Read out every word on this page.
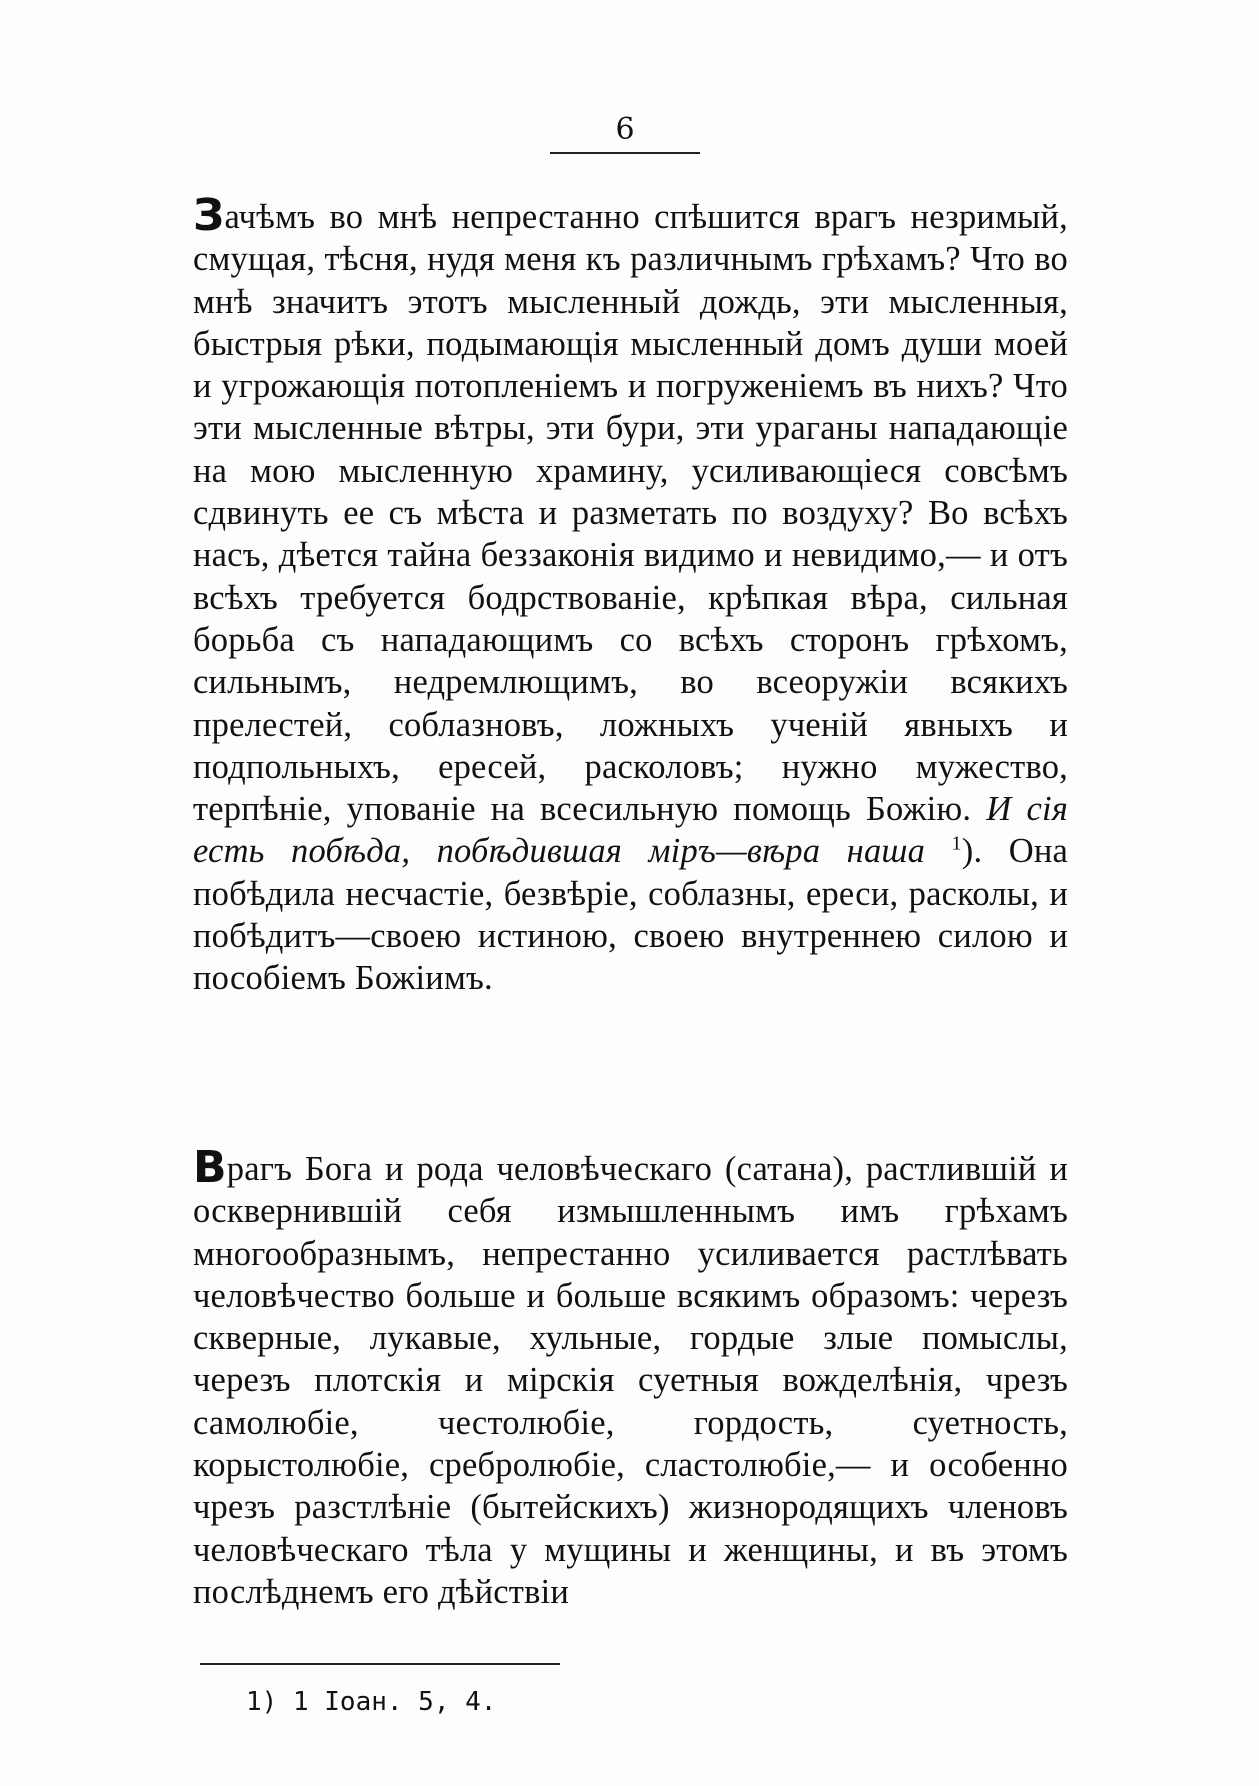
6

Зачѣмъ во мнѣ непрестанно спѣшится врагъ незримый, смущая, тѣсня, нудя меня къ различнымъ грѣхамъ? Что во мнѣ значитъ этотъ мысленный дождь, эти мысленныя, быстрыя рѣки, подымающія мысленный домъ души моей и угрожающія потопленіемъ и погруженіемъ въ нихъ? Что эти мысленные вѣтры, эти бури, эти ураганы нападающіе на мою мысленную храмину, усиливающіеся совсѣмъ сдвинуть ее съ мѣста и разметать по воздуху? Во всѣхъ насъ, дѣется тайна беззаконія видимо и невидимо,— и отъ всѣхъ требуется бодрствованіе, крѣпкая вѣра, сильная борьба съ нападающимъ со всѣхъ сторонъ грѣхомъ, сильнымъ, недремлющимъ, во всеоружіи всякихъ прелестей, соблазновъ, ложныхъ ученій явныхъ и подпольныхъ, ересей, расколовъ; нужно мужество, терпѣніе, упованіе на всесильную помощь Божію. И сія есть побѣда, побѣдившая міръ—вѣра наша $^1$). Она побѣдила несчастіе, безвѣріе, соблазны, ереси, расколы, и побѣдитъ—своею истиною, своею внутреннею силою и пособіемъ Божіимъ.

Врагъ Бога и рода человѣческаго (сатана), растлившій и осквернившій себя измышленнымъ имъ грѣхамъ многообразнымъ, непрестанно усиливается растлѣвать человѣчество больше и больше всякимъ образомъ: черезъ скверные, лукавые, хульные, гордые злые помыслы, черезъ плотскія и мірскія суетныя вожделѣнія, чрезъ самолюбіе, честолюбіе, гордость, суетность, корыстолюбіе, сребролюбіе, сластолюбіе,— и особенно чрезъ разстлѣніе (бытейскихъ) жизнородящихъ членовъ человѣческаго тѣла у мущины и женщины, и въ этомъ послѣднемъ его дѣйствіи

1) 1 Іоан. 5, 4.
